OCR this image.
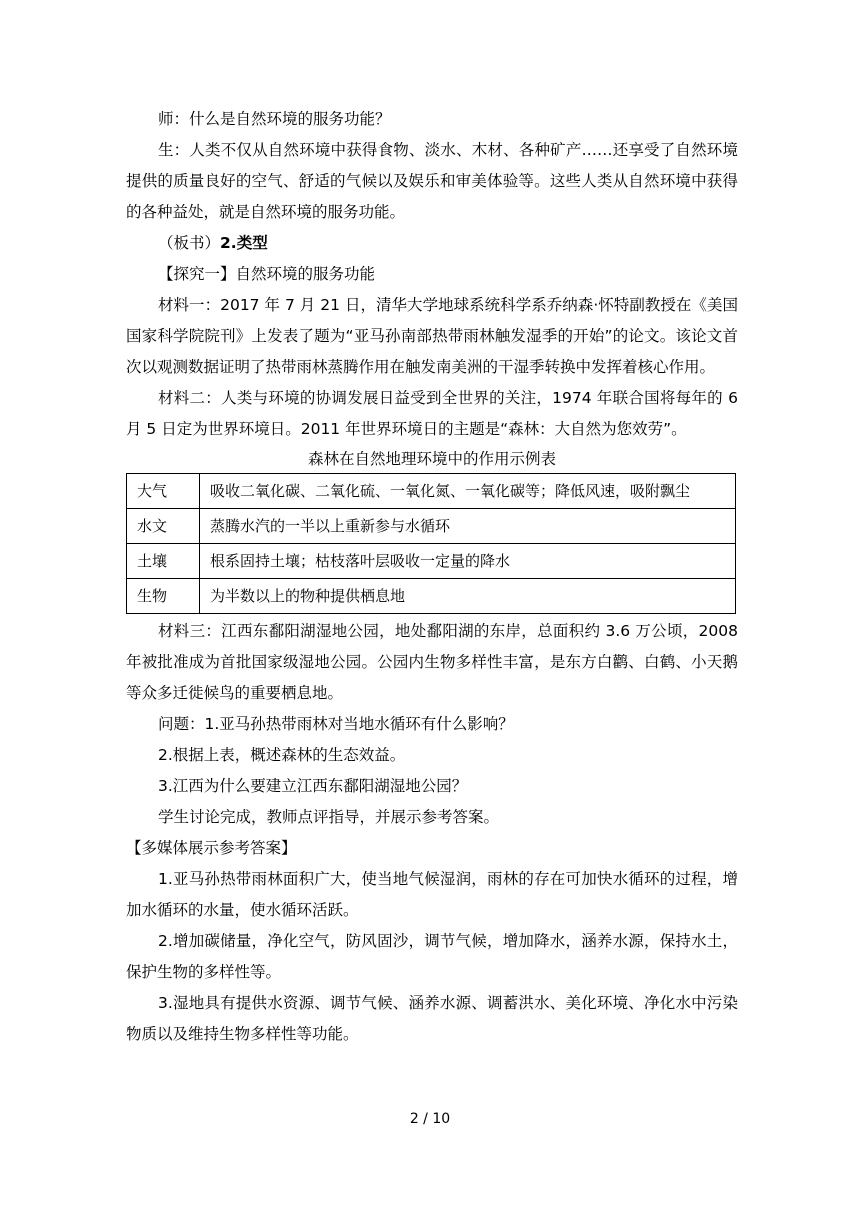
师：什么是自然环境的服务功能？

生：人类不仅从自然环境中获得食物、淡水、木材、各种矿产……还享受了自然环境提供的质量良好的空气、舒适的气候以及娱乐和审美体验等。这些人类从自然环境中获得的各种益处，就是自然环境的服务功能。

（板书）2.类型

【探究一】自然环境的服务功能

材料一：2017 年 7 月 21 日，清华大学地球系统科学系乔纳森·怀特副教授在《美国国家科学院院刊》上发表了题为“亚马孙南部热带雨林触发湿季的开始”的论文。该论文首次以观测数据证明了热带雨林蒸腾作用在触发南美洲的干湿季转换中发挥着核心作用。

材料二：人类与环境的协调发展日益受到全世界的关注，1974 年联合国将每年的 6 月 5 日定为世界环境日。2011 年世界环境日的主题是“森林：大自然为您效劳”。

森林在自然地理环境中的作用示例表

大气	吸收二氧化碳、二氧化硫、一氧化氮、一氧化碳等；降低风速，吸附飘尘
水文	蒸腾水汽的一半以上重新参与水循环
土壤	根系固持土壤；枯枝落叶层吸收一定量的降水
生物	为半数以上的物种提供栖息地

材料三：江西东鄱阳湖湿地公园，地处鄱阳湖的东岸，总面积约 3.6 万公顷，2008 年被批准成为首批国家级湿地公园。公园内生物多样性丰富，是东方白鹳、白鹤、小天鹅等众多迁徙候鸟的重要栖息地。

问题：1.亚马孙热带雨林对当地水循环有什么影响？

2.根据上表，概述森林的生态效益。

3.江西为什么要建立江西东鄱阳湖湿地公园？

学生讨论完成，教师点评指导，并展示参考答案。

【多媒体展示参考答案】

1.亚马孙热带雨林面积广大，使当地气候湿润，雨林的存在可加快水循环的过程，增加水循环的水量，使水循环活跃。

2.增加碳储量，净化空气，防风固沙，调节气候，增加降水，涵养水源，保持水土，保护生物的多样性等。

3.湿地具有提供水资源、调节气候、涵养水源、调蓄洪水、美化环境、净化水中污染物质以及维持生物多样性等功能。

2 / 10
